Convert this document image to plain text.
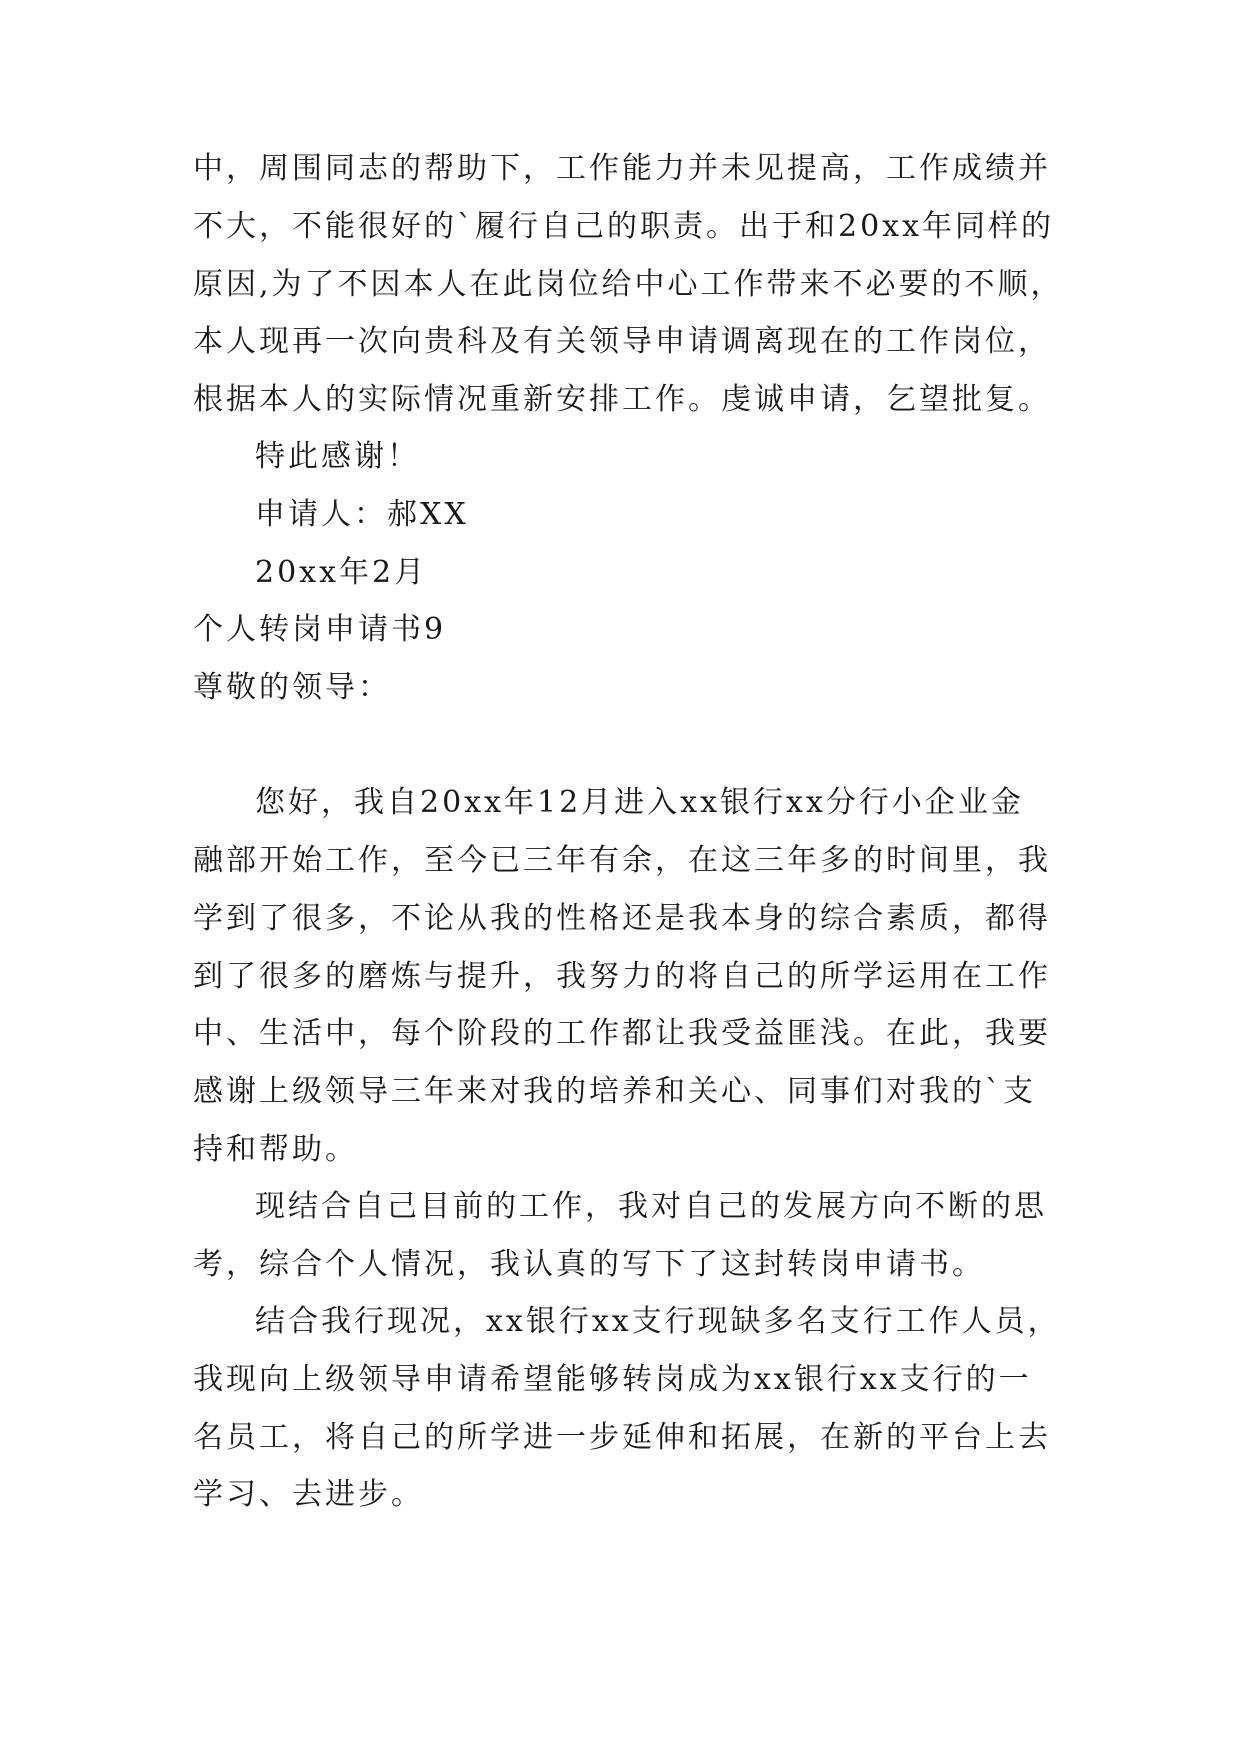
中，周围同志的帮助下，工作能力并未见提高，工作成绩并
不大，不能很好的`履行自己的职责。出于和20xx年同样的
原因,为了不因本人在此岗位给中心工作带来不必要的不顺，
本人现再一次向贵科及有关领导申请调离现在的工作岗位，
根据本人的实际情况重新安排工作。虔诚申请，乞望批复。
特此感谢！
申请人：郝XX
20xx年2月
个人转岗申请书9
尊敬的领导：
您好，我自20xx年12月进入xx银行xx分行小企业金
融部开始工作，至今已三年有余，在这三年多的时间里，我
学到了很多，不论从我的性格还是我本身的综合素质，都得
到了很多的磨炼与提升，我努力的将自己的所学运用在工作
中、生活中，每个阶段的工作都让我受益匪浅。在此，我要
感谢上级领导三年来对我的培养和关心、同事们对我的`支
持和帮助。
现结合自己目前的工作，我对自己的发展方向不断的思
考，综合个人情况，我认真的写下了这封转岗申请书。
结合我行现况，xx银行xx支行现缺多名支行工作人员，
我现向上级领导申请希望能够转岗成为xx银行xx支行的一
名员工，将自己的所学进一步延伸和拓展，在新的平台上去
学习、去进步。
